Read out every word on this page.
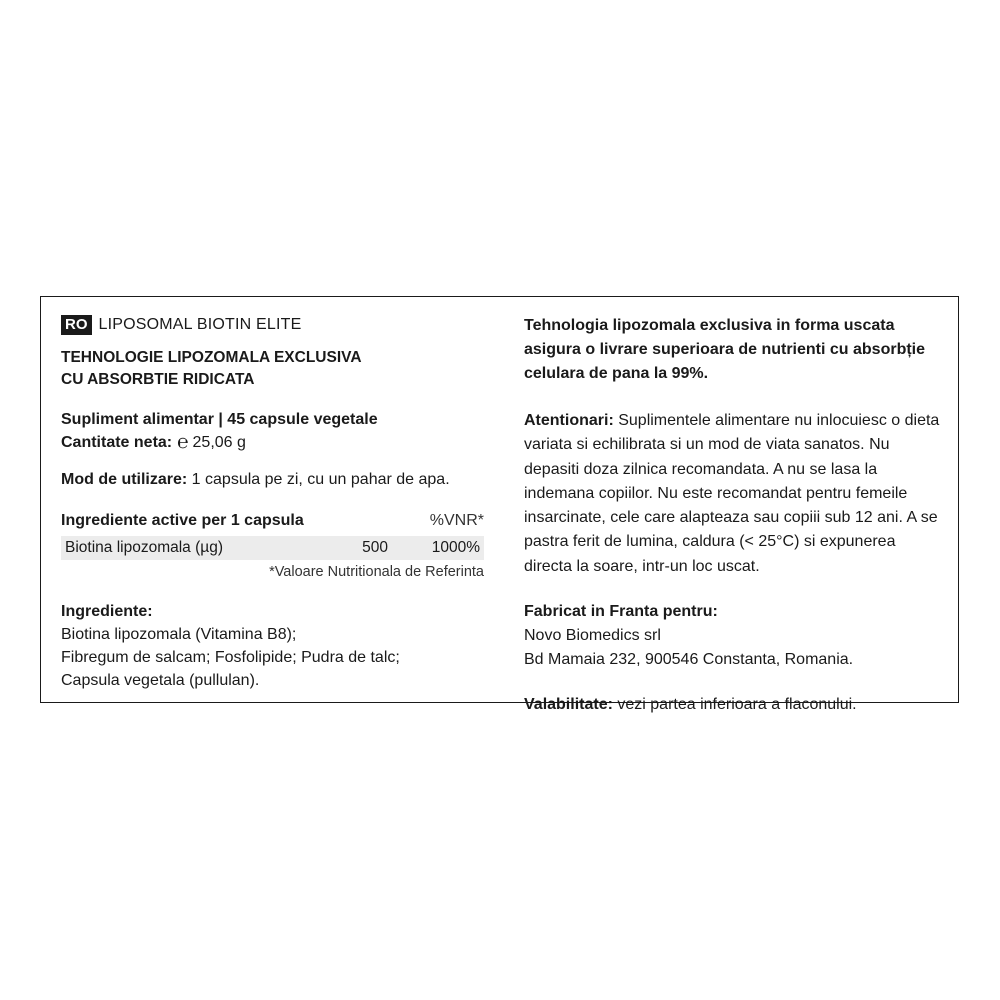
RO LIPOSOMAL BIOTIN ELITE

TEHNOLOGIE LIPOZOMALA EXCLUSIVA
CU ABSORBTIE RIDICATA

Supliment alimentar | 45 capsule vegetale

Cantitate neta: ℮ 25,06 g

Mod de utilizare: 1 capsula pe zi, cu un pahar de apa.

Ingrediente active per 1 capsula	%VNR*
Biotina lipozomala (µg)	500	1000%

*Valoare Nutritionala de Referinta

Ingrediente:
Biotina lipozomala (Vitamina B8);
Fibregum de salcam; Fosfolipide; Pudra de talc;
Capsula vegetala (pullulan).

Tehnologia lipozomala exclusiva in forma uscata
asigura o livrare superioara de nutrienti cu absorbție
celulara de pana la 99%.

Atentionari: Suplimentele alimentare nu inlocuiesc o dieta variata si echilibrata si un mod de viata sanatos. Nu depasiti doza zilnica recomandata. A nu se lasa la indemana copiilor. Nu este recomandat pentru femeile insarcinate, cele care alapteaza sau copiii sub 12 ani. A se pastra ferit de lumina, caldura (< 25°C) si expunerea directa la soare, intr-un loc uscat.

Fabricat in Franta pentru:
Novo Biomedics srl
Bd Mamaia 232, 900546 Constanta, Romania.

Valabilitate: vezi partea inferioara a flaconului.
